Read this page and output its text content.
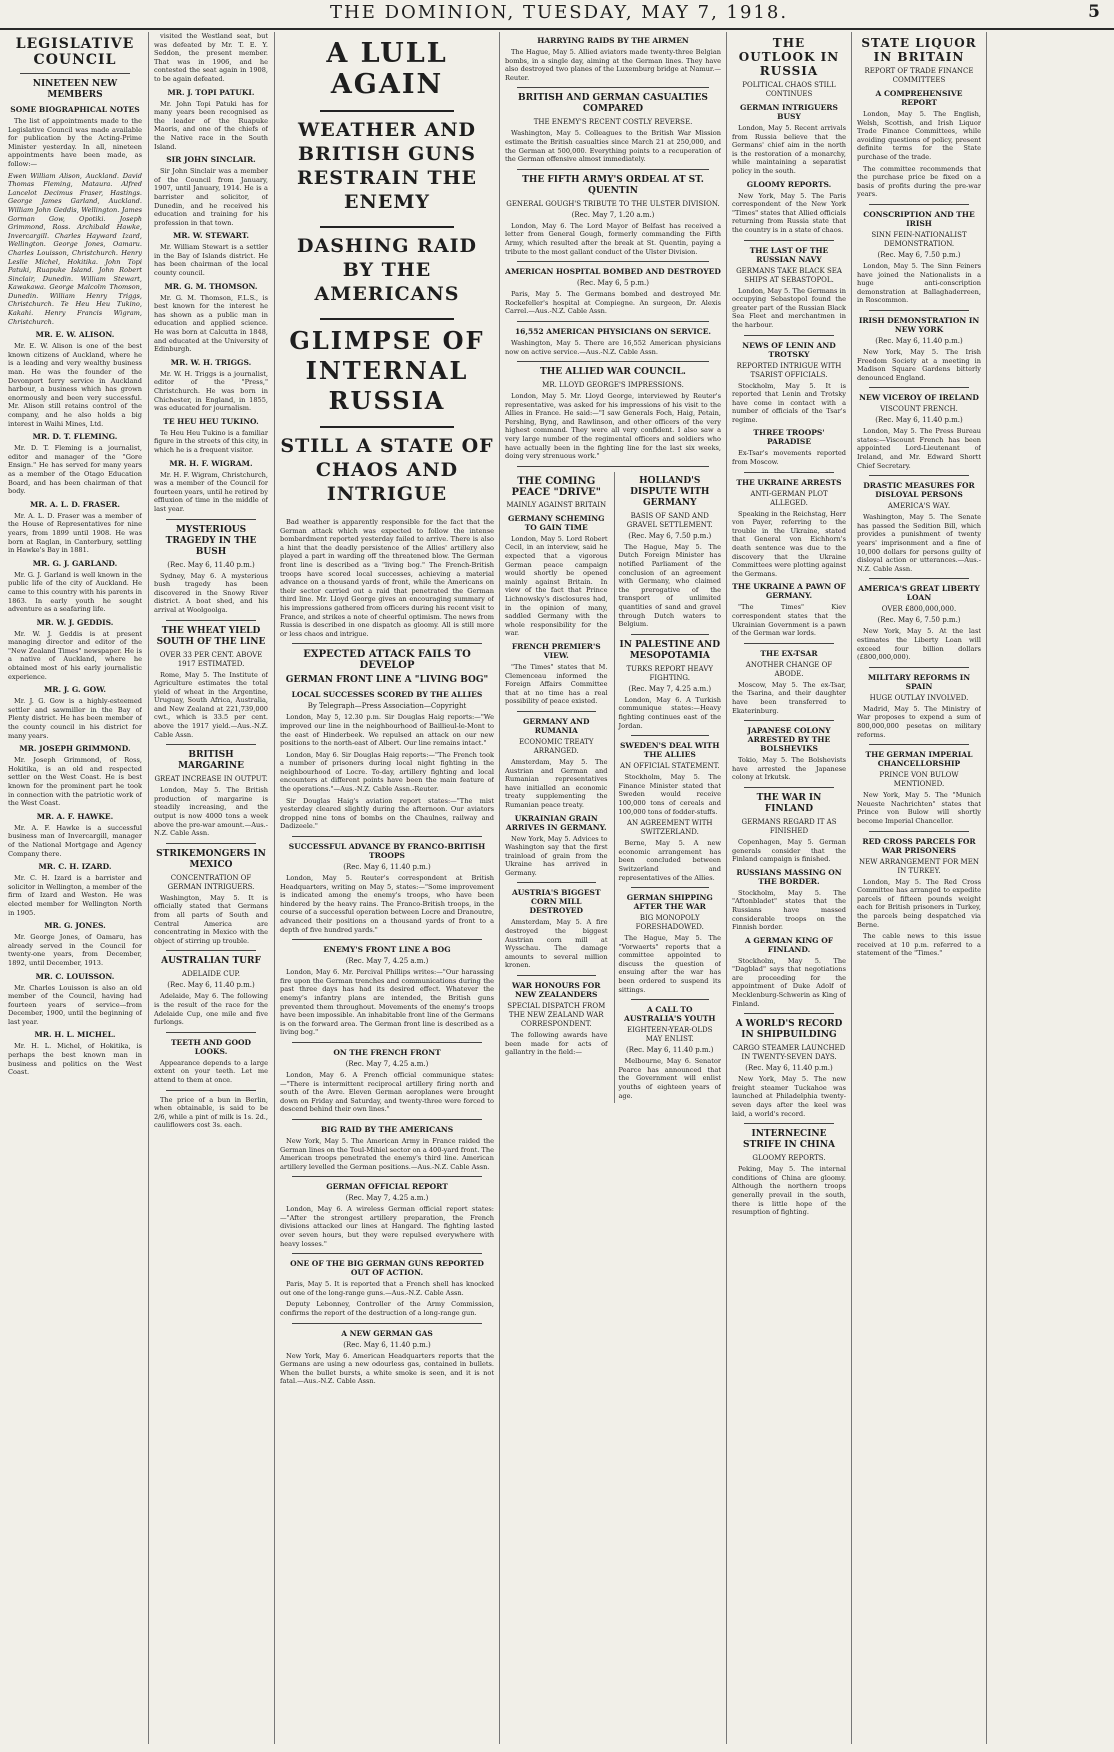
THE DOMINION, TUESDAY, MAY 7, 1918.	5
LEGISLATIVE COUNCIL
NINETEEN NEW MEMBERS
SOME BIOGRAPHICAL NOTES

The list of appointments made to the Legislative Council was made available for publication by the Acting-Prime Minister yesterday. In all, nineteen appointments have been made, as follow:—

Ewen William Alison, Auckland. David Thomas Fleming, Mataura. Alfred Lancelot Decimus Fraser, Hastings. George James Garland, Auckland. William John Geddis, Wellington. James Gorman Gow, Opotiki. Joseph Grimmond, Ross. Archibald Hawke, Invercargill. Charles Hayward Izard, Wellington. George Jones, Oamaru. Charles Louisson, Christchurch. Henry Leslie Michel, Hokitika. John Topi Patuki, Ruapuke Island. John Robert Sinclair, Dunedin. William Stewart, Kawakawa. George Malcolm Thomson, Dunedin. William Henry Triggs, Christchurch. Te Heu Heu Tukino, Kakahi. Henry Francis Wigram, Christchurch.

MR. E. W. ALISON.

Mr. E. W. Alison is one of the best known citizens of Auckland, where he is a leading and very wealthy business man. He was the founder of the Devonport ferry service in Auckland harbour, a business which has grown enormously and been very successful. Mr. Alison still retains control of the company, and he also holds a big interest in Waihi Mines, Ltd.

MR. D. T. FLEMING.

Mr. D. T. Fleming is a journalist, editor and manager of the "Gore Ensign." He has served for many years as a member of the Otago Education Board, and has been chairman of that body.

MR. A. L. D. FRASER.

Mr. A. L. D. Fraser was a member of the House of Representatives for nine years, from 1899 until 1908. He was born at Raglan, in Canterbury, settling in Hawke's Bay in 1881.

MR. G. J. GARLAND.

Mr. G. J. Garland is well known in the public life of the city of Auckland. He came to this country with his parents in 1863. In early youth he sought adventure as a seafaring life.

MR. W. J. GEDDIS.

Mr. W. J. Geddis is at present managing director and editor of the "New Zealand Times" newspaper. He is a native of Auckland, where he obtained most of his early journalistic experience.

MR. J. G. GOW.

Mr. J. G. Gow is a highly-esteemed settler and sawmiller in the Bay of Plenty district. He has been member of the county council in his district for many years.

MR. JOSEPH GRIMMOND.

Mr. Joseph Grimmond, of Ross, Hokitika, is an old and respected settler on the West Coast. He is best known for the prominent part he took in connection with the patriotic work of the West Coast.

MR. A. F. HAWKE.

Mr. A. F. Hawke is a successful business man of Invercargill, manager of the National Mortgage and Agency Company there.

MR. C. H. IZARD.

Mr. C. H. Izard is a barrister and solicitor in Wellington, a member of the firm of Izard and Weston. He was elected member for Wellington North in 1905.

MR. G. JONES.

Mr. George Jones, of Oamaru, has already served in the Council for twenty-one years, from December, 1892, until December, 1913.

MR. C. LOUISSON.

Mr. Charles Louisson is also an old member of the Council, having had fourteen years of service—from December, 1900, until the beginning of last year.

MR. H. L. MICHEL.

Mr. H. L. Michel, of Hokitika, is perhaps the best known man in business and politics on the West Coast.

visited the Westland seat, but was defeated by Mr. T. E. Y. Seddon, the present member. That was in 1906, and he contested the seat again in 1908, to be again defeated.

MR. J. TOPI PATUKI.

Mr. John Topi Patuki has for many years been recognised as the leader of the Ruapuke Maoris, and one of the chiefs of the Native race in the South Island.

SIR JOHN SINCLAIR.

Sir John Sinclair was a member of the Council from January, 1907, until January, 1914. He is a barrister and solicitor, of Dunedin, and he received his education and training for his profession in that town.

MR. W. STEWART.

Mr. William Stewart is a settler in the Bay of Islands district. He has been chairman of the local county council.

MR. G. M. THOMSON.

Mr. G. M. Thomson, F.L.S., is best known for the interest he has shown as a public man in education and applied science. He was born at Calcutta in 1848, and educated at the University of Edinburgh.

MR. W. H. TRIGGS.

Mr. W. H. Triggs is a journalist, editor of the "Press," Christchurch. He was born in Chichester, in England, in 1855, was educated for journalism.

TE HEU HEU TUKINO.

Te Heu Heu Tukino is a familiar figure in the streets of this city, in which he is a frequent visitor.

MR. H. F. WIGRAM.

Mr. H. F. Wigram, Christchurch, was a member of the Council for fourteen years, until he retired by effluxion of time in the middle of last year.

MYSTERIOUS TRAGEDY IN THE BUSH
(Rec. May 6, 11.40 p.m.)

Sydney, May 6. A mysterious bush tragedy has been discovered in the Snowy River district. A boat shed, and his arrival at Woolgoolga.

THE WHEAT YIELD SOUTH OF THE LINE
OVER 33 PER CENT. ABOVE 1917 ESTIMATED.

Rome, May 5. The Institute of Agriculture estimates the total yield of wheat in the Argentine, Uruguay, South Africa, Australia, and New Zealand at 221,739,000 cwt., which is 33.5 per cent. above the 1917 yield.—Aus.-N.Z. Cable Assn.

BRITISH MARGARINE
GREAT INCREASE IN OUTPUT.

London, May 5. The British production of margarine is steadily increasing, and the output is now 4000 tons a week above the pre-war amount.—Aus.-N.Z. Cable Assn.

STRIKEMONGERS IN MEXICO
CONCENTRATION OF GERMAN INTRIGUERS.

Washington, May 5. It is officially stated that Germans from all parts of South and Central America are concentrating in Mexico with the object of stirring up trouble.

AUSTRALIAN TURF
ADELAIDE CUP.
(Rec. May 6, 11.40 p.m.)

Adelaide, May 6. The following is the result of the race for the Adelaide Cup, one mile and five furlongs.

TEETH AND GOOD LOOKS.

Appearance depends to a large extent on your teeth. Let me attend to them at once.

The price of a bun in Berlin, when obtainable, is said to be 2/6, while a pint of milk is 1s. 2d., cauliflowers cost 3s. each.

A LULL AGAIN
WEATHER AND BRITISH GUNS RESTRAIN THE ENEMY
DASHING RAID BY THE AMERICANS
GLIMPSE OF INTERNAL RUSSIA
STILL A STATE OF CHAOS AND INTRIGUE

Bad weather is apparently responsible for the fact that the German attack which was expected to follow the intense bombardment reported yesterday failed to arrive. There is also a hint that the deadly persistence of the Allies' artillery also played a part in warding off the threatened blow. The German front line is described as a "living bog." The French-British troops have scored local successes, achieving a material advance on a thousand yards of front, while the Americans on their sector carried out a raid that penetrated the German third line. Mr. Lloyd George gives an encouraging summary of his impressions gathered from officers during his recent visit to France, and strikes a note of cheerful optimism. The news from Russia is described in one dispatch as gloomy. All is still more or less chaos and intrigue.

EXPECTED ATTACK FAILS TO DEVELOP
GERMAN FRONT LINE A "LIVING BOG"
LOCAL SUCCESSES SCORED BY THE ALLIES
By Telegraph—Press Association—Copyright

London, May 5, 12.30 p.m. Sir Douglas Haig reports:—"We improved our line in the neighbourhood of Baillieul-le-Mont to the east of Hinderbeek. We repulsed an attack on our new positions to the north-east of Albert. Our line remains intact."

London, May 6. Sir Douglas Haig reports:—"The French took a number of prisoners during local night fighting in the neighbourhood of Locre. To-day, artillery fighting and local encounters at different points have been the main feature of the operations."—Aus.-N.Z. Cable Assn.-Reuter.

Sir Douglas Haig's aviation report states:—"The mist yesterday cleared slightly during the afternoon. Our aviators dropped nine tons of bombs on the Chaulnes, railway and Dadizeele."

SUCCESSFUL ADVANCE BY FRANCO-BRITISH TROOPS
(Rec. May 6, 11.40 p.m.)

London, May 5. Reuter's correspondent at British Headquarters, writing on May 5, states:—"Some improvement is indicated among the enemy's troops, who have been hindered by the heavy rains. The Franco-British troops, in the course of a successful operation between Locre and Dranoutre, advanced their positions on a thousand yards of front to a depth of five hundred yards."

ENEMY'S FRONT LINE A BOG
(Rec. May 7, 4.25 a.m.)

London, May 6. Mr. Percival Phillips writes:—"Our harassing fire upon the German trenches and communications during the past three days has had its desired effect. Whatever the enemy's infantry plans are intended, the British guns prevented them throughout. Movements of the enemy's troops have been impossible. An inhabitable front line of the Germans is on the forward area. The German front line is described as a living bog."

ON THE FRENCH FRONT
(Rec. May 7, 4.25 a.m.)

London, May 6. A French official communique states:—"There is intermittent reciprocal artillery firing north and south of the Avre. Eleven German aeroplanes were brought down on Friday and Saturday, and twenty-three were forced to descend behind their own lines."

BIG RAID BY THE AMERICANS

New York, May 5. The American Army in France raided the German lines on the Toul-Mihiel sector on a 400-yard front. The American troops penetrated the enemy's third line. American artillery levelled the German positions.—Aus.-N.Z. Cable Assn.

GERMAN OFFICIAL REPORT
(Rec. May 7, 4.25 a.m.)

London, May 6. A wireless German official report states:—"After the strongest artillery preparation, the French divisions attacked our lines at Hangard. The fighting lasted over seven hours, but they were repulsed everywhere with heavy losses."

ONE OF THE BIG GERMAN GUNS REPORTED OUT OF ACTION.

Paris, May 5. It is reported that a French shell has knocked out one of the long-range guns.—Aus.-N.Z. Cable Assn.

Deputy Lebonney, Controller of the Army Commission, confirms the report of the destruction of a long-range gun.

A NEW GERMAN GAS
(Rec. May 6, 11.40 p.m.)

New York, May 6. American Headquarters reports that the Germans are using a new odourless gas, contained in bullets. When the bullet bursts, a white smoke is seen, and it is not fatal.—Aus.-N.Z. Cable Assn.

HARRYING RAIDS BY THE AIRMEN

The Hague, May 5. Allied aviators made twenty-three Belgian bombs, in a single day, aiming at the German lines. They have also destroyed two planes of the Luxemburg bridge at Namur.—Reuter.

BRITISH AND GERMAN CASUALTIES COMPARED
THE ENEMY'S RECENT COSTLY REVERSE.

Washington, May 5. Colleagues to the British War Mission estimate the British casualties since March 21 at 250,000, and the German at 500,000. Everything points to a recuperation of the German offensive almost immediately.

THE FIFTH ARMY'S ORDEAL AT ST. QUENTIN
GENERAL GOUGH'S TRIBUTE TO THE ULSTER DIVISION.
(Rec. May 7, 1.20 a.m.)

London, May 6. The Lord Mayor of Belfast has received a letter from General Gough, formerly commanding the Fifth Army, which resulted after the break at St. Quentin, paying a tribute to the most gallant conduct of the Ulster Division.

AMERICAN HOSPITAL BOMBED AND DESTROYED
(Rec. May 6, 5 p.m.)

Paris, May 5. The Germans bombed and destroyed Mr. Rockefeller's hospital at Compiegne. An surgeon, Dr. Alexis Carrel.—Aus.-N.Z. Cable Assn.

16,552 AMERICAN PHYSICIANS ON SERVICE.

Washington, May 5. There are 16,552 American physicians now on active service.—Aus.-N.Z. Cable Assn.

THE ALLIED WAR COUNCIL.
MR. LLOYD GEORGE'S IMPRESSIONS.

London, May 5. Mr. Lloyd George, interviewed by Reuter's representative, was asked for his impressions of his visit to the Allies in France. He said:—"I saw Generals Foch, Haig, Petain, Pershing, Byng, and Rawlinson, and other officers of the very highest command. They were all very confident. I also saw a very large number of the regimental officers and soldiers who have actually been in the fighting line for the last six weeks, doing very strenuous work."

THE COMING PEACE "DRIVE"
MAINLY AGAINST BRITAIN
GERMANY SCHEMING TO GAIN TIME

London, May 5. Lord Robert Cecil, in an interview, said he expected that a vigorous German peace campaign would shortly be opened mainly against Britain. In view of the fact that Prince Lichnowsky's disclosures had, in the opinion of many, saddled Germany with the whole responsibility for the war.

FRENCH PREMIER'S VIEW.

"The Times" states that M. Clemenceau informed the Foreign Affairs Committee that at no time has a real possibility of peace existed.

GERMANY AND RUMANIA
ECONOMIC TREATY ARRANGED.

Amsterdam, May 5. The Austrian and German and Rumanian representatives have initialled an economic treaty supplementing the Rumanian peace treaty.

UKRAINIAN GRAIN ARRIVES IN GERMANY.

New York, May 5. Advices to Washington say that the first trainload of grain from the Ukraine has arrived in Germany.

AUSTRIA'S BIGGEST CORN MILL DESTROYED

Amsterdam, May 5. A fire destroyed the biggest Austrian corn mill at Wysschau. The damage amounts to several million kronen.

WAR HONOURS FOR NEW ZEALANDERS
SPECIAL DISPATCH FROM THE NEW ZEALAND WAR CORRESPONDENT.

The following awards have been made for acts of gallantry in the field:—

HOLLAND'S DISPUTE WITH GERMANY
BASIS OF SAND AND GRAVEL SETTLEMENT.
(Rec. May 6, 7.50 p.m.)

The Hague, May 5. The Dutch Foreign Minister has notified Parliament of the conclusion of an agreement with Germany, who claimed the prerogative of the transport of unlimited quantities of sand and gravel through Dutch waters to Belgium.

IN PALESTINE AND MESOPOTAMIA
TURKS REPORT HEAVY FIGHTING.
(Rec. May 7, 4.25 a.m.)

London, May 6. A Turkish communique states:—Heavy fighting continues east of the Jordan.

SWEDEN'S DEAL WITH THE ALLIES
AN OFFICIAL STATEMENT.

Stockholm, May 5. The Finance Minister stated that Sweden would receive 100,000 tons of cereals and 100,000 tons of fodder-stuffs.

AN AGREEMENT WITH SWITZERLAND.

Berne, May 5. A new economic arrangement has been concluded between Switzerland and representatives of the Allies.

GERMAN SHIPPING AFTER THE WAR
BIG MONOPOLY FORESHADOWED.

The Hague, May 5. The "Vorwaerts" reports that a committee appointed to discuss the question of ensuing after the war has been ordered to suspend its sittings.

A CALL TO AUSTRALIA'S YOUTH
EIGHTEEN-YEAR-OLDS MAY ENLIST.
(Rec. May 6, 11.40 p.m.)

Melbourne, May 6. Senator Pearce has announced that the Government will enlist youths of eighteen years of age.

THE OUTLOOK IN RUSSIA
POLITICAL CHAOS STILL CONTINUES
GERMAN INTRIGUERS BUSY

London, May 5. Recent arrivals from Russia believe that the Germans' chief aim in the north is the restoration of a monarchy, while maintaining a separatist policy in the south.

GLOOMY REPORTS.

New York, May 5. The Paris correspondent of the New York "Times" states that Allied officials returning from Russia state that the country is in a state of chaos.

THE LAST OF THE RUSSIAN NAVY
GERMANS TAKE BLACK SEA SHIPS AT SEBASTOPOL.

London, May 5. The Germans in occupying Sebastopol found the greater part of the Russian Black Sea Fleet and merchantmen in the harbour.

NEWS OF LENIN AND TROTSKY
REPORTED INTRIGUE WITH TSARIST OFFICIALS.

Stockholm, May 5. It is reported that Lenin and Trotsky have come in contact with a number of officials of the Tsar's regime.

THREE TROOPS' PARADISE

Ex-Tsar's movements reported from Moscow.

THE UKRAINE ARRESTS
ANTI-GERMAN PLOT ALLEGED.

Speaking in the Reichstag, Herr von Payer, referring to the trouble in the Ukraine, stated that General von Eichhorn's death sentence was due to the discovery that the Ukraine Committees were plotting against the Germans.

THE UKRAINE A PAWN OF GERMANY.

"The Times" Kiev correspondent states that the Ukrainian Government is a pawn of the German war lords.

THE EX-TSAR
ANOTHER CHANGE OF ABODE.

Moscow, May 5. The ex-Tsar, the Tsarina, and their daughter have been transferred to Ekaterinburg.

JAPANESE COLONY ARRESTED BY THE BOLSHEVIKS

Tokio, May 5. The Bolshevists have arrested the Japanese colony at Irkutsk.

THE WAR IN FINLAND
GERMANS REGARD IT AS FINISHED

Copenhagen, May 5. German generals consider that the Finland campaign is finished.

RUSSIANS MASSING ON THE BORDER.

Stockholm, May 5. The "Aftonbladet" states that the Russians have massed considerable troops on the Finnish border.

A GERMAN KING OF FINLAND.

Stockholm, May 5. The "Dagblad" says that negotiations are proceeding for the appointment of Duke Adolf of Mecklenburg-Schwerin as King of Finland.

A WORLD'S RECORD IN SHIPBUILDING
CARGO STEAMER LAUNCHED IN TWENTY-SEVEN DAYS.
(Rec. May 6, 11.40 p.m.)

New York, May 5. The new freight steamer Tuckahoe was launched at Philadelphia twenty-seven days after the keel was laid, a world's record.

INTERNECINE STRIFE IN CHINA
GLOOMY REPORTS.

Peking, May 5. The internal conditions of China are gloomy. Although the northern troops generally prevail in the south, there is little hope of the resumption of fighting.

STATE LIQUOR IN BRITAIN
REPORT OF TRADE FINANCE COMMITTEES
A COMPREHENSIVE REPORT

London, May 5. The English, Welsh, Scottish, and Irish Liquor Trade Finance Committees, while avoiding questions of policy, present definite terms for the State purchase of the trade.

The committee recommends that the purchase price be fixed on a basis of profits during the pre-war years.

CONSCRIPTION AND THE IRISH
SINN FEIN-NATIONALIST DEMONSTRATION.
(Rec. May 6, 7.50 p.m.)

London, May 5. The Sinn Feiners have joined the Nationalists in a huge anti-conscription demonstration at Ballaghaderreen, in Roscommon.

IRISH DEMONSTRATION IN NEW YORK
(Rec. May 6, 11.40 p.m.)

New York, May 5. The Irish Freedom Society at a meeting in Madison Square Gardens bitterly denounced England.

NEW VICEROY OF IRELAND
VISCOUNT FRENCH.
(Rec. May 6, 11.40 p.m.)

London, May 5. The Press Bureau states:—Viscount French has been appointed Lord-Lieutenant of Ireland, and Mr. Edward Shortt Chief Secretary.

DRASTIC MEASURES FOR DISLOYAL PERSONS
AMERICA'S WAY.

Washington, May 5. The Senate has passed the Sedition Bill, which provides a punishment of twenty years' imprisonment and a fine of 10,000 dollars for persons guilty of disloyal action or utterances.—Aus.-N.Z. Cable Assn.

AMERICA'S GREAT LIBERTY LOAN
OVER £800,000,000.
(Rec. May 6, 7.50 p.m.)

New York, May 5. At the last estimates the Liberty Loan will exceed four billion dollars (£800,000,000).

MILITARY REFORMS IN SPAIN
HUGE OUTLAY INVOLVED.

Madrid, May 5. The Ministry of War proposes to expend a sum of 800,000,000 pesetas on military reforms.

THE GERMAN IMPERIAL CHANCELLORSHIP
PRINCE VON BULOW MENTIONED.

New York, May 5. The "Munich Neueste Nachrichten" states that Prince von Bulow will shortly become Imperial Chancellor.

RED CROSS PARCELS FOR WAR PRISONERS
NEW ARRANGEMENT FOR MEN IN TURKEY.

London, May 5. The Red Cross Committee has arranged to expedite parcels of fifteen pounds weight each for British prisoners in Turkey, the parcels being despatched via Berne.

The cable news to this issue received at 10 p.m. referred to a statement of the "Times."
